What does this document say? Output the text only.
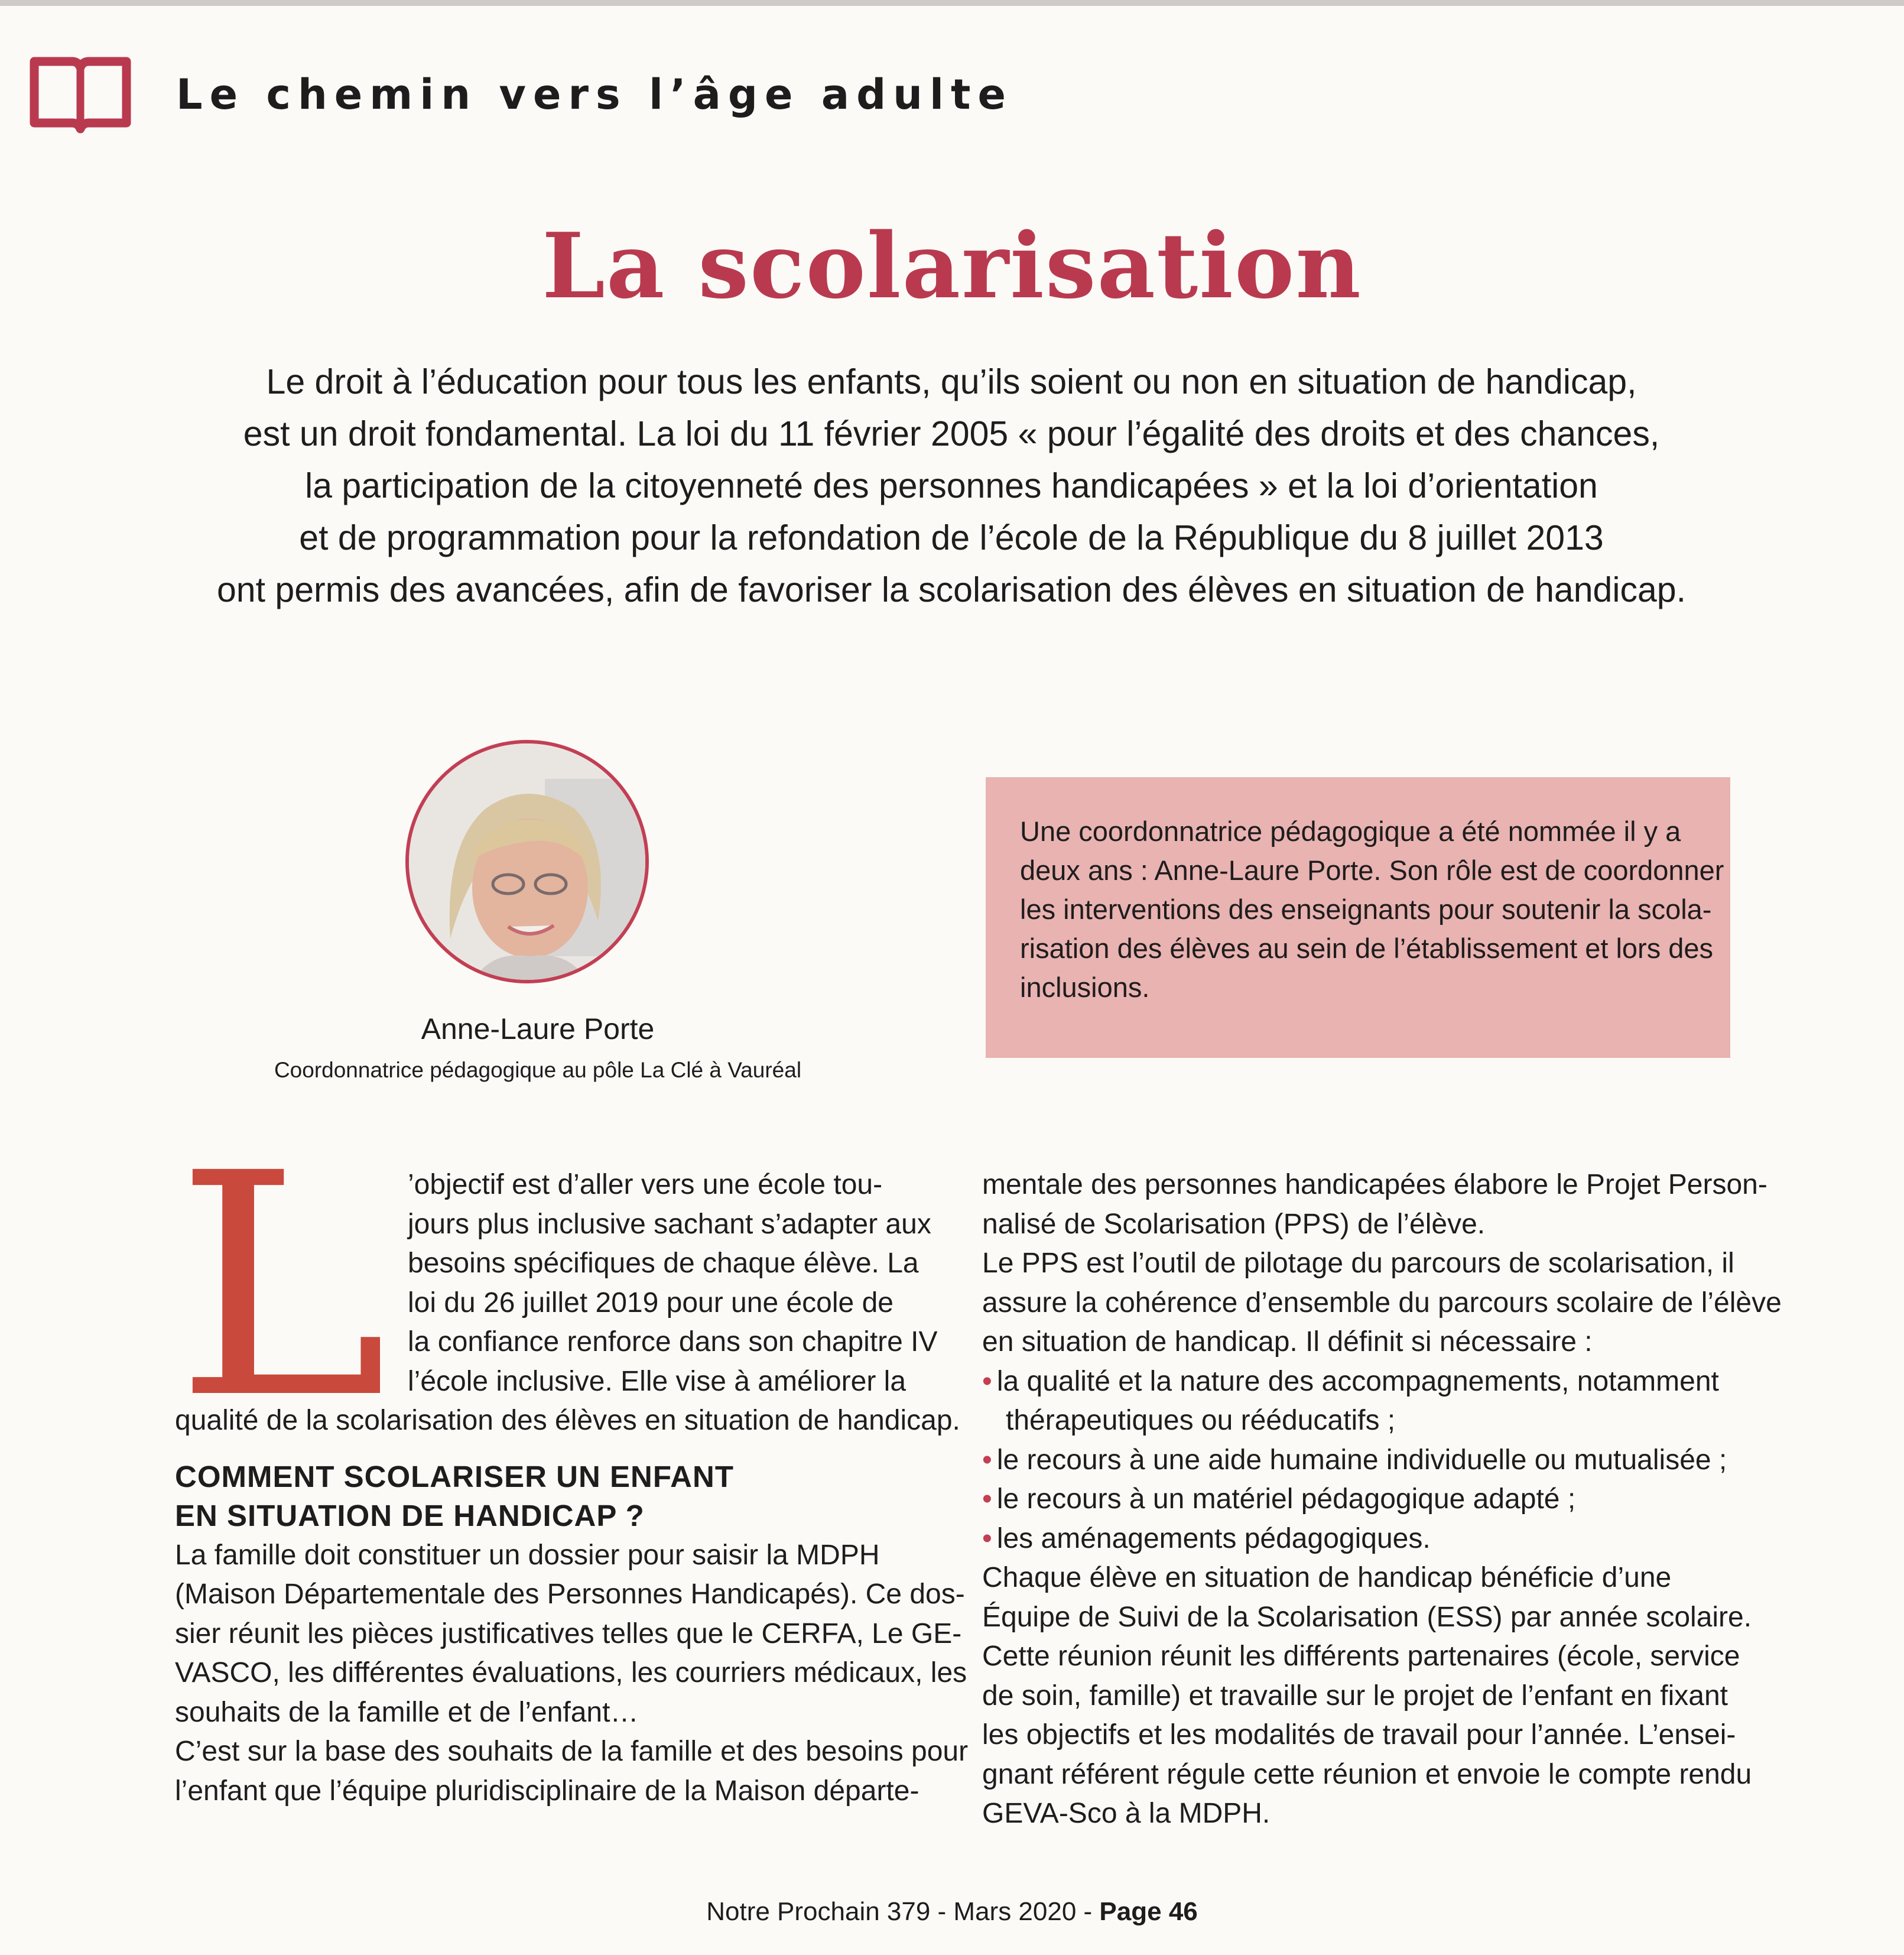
Le chemin vers l’âge adulte
La scolarisation
Le droit à l’éducation pour tous les enfants, qu’ils soient ou non en situation de handicap,
est un droit fondamental. La loi du 11 février 2005 « pour l’égalité des droits et des chances,
la participation de la citoyenneté des personnes handicapées » et la loi d’orientation
et de programmation pour la refondation de l’école de la République du 8 juillet 2013
ont permis des avancées, afin de favoriser la scolarisation des élèves en situation de handicap.
Anne-Laure Porte
Coordonnatrice pédagogique au pôle La Clé à Vauréal
Une coordonnatrice pédagogique a été nommée il y a
deux ans : Anne-Laure Porte. Son rôle est de coordonner
les interventions des enseignants pour soutenir la scola-
risation des élèves au sein de l’établissement et lors des
inclusions.
L ’objectif est d’aller vers une école tou-
jours plus inclusive sachant s’adapter aux
besoins spécifiques de chaque élève. La
loi du 26 juillet 2019 pour une école de
la confiance renforce dans son chapitre IV
l’école inclusive. Elle vise à améliorer la
qualité de la scolarisation des élèves en situation de handicap.
COMMENT SCOLARISER UN ENFANT
EN SITUATION DE HANDICAP ?
La famille doit constituer un dossier pour saisir la MDPH
(Maison Départementale des Personnes Handicapés). Ce dos-
sier réunit les pièces justificatives telles que le CERFA, Le GE-
VASCO, les différentes évaluations, les courriers médicaux, les
souhaits de la famille et de l’enfant…
C’est sur la base des souhaits de la famille et des besoins pour
l’enfant que l’équipe pluridisciplinaire de la Maison départe-
mentale des personnes handicapées élabore le Projet Person-
nalisé de Scolarisation (PPS) de l’élève.
Le PPS est l’outil de pilotage du parcours de scolarisation, il
assure la cohérence d’ensemble du parcours scolaire de l’élève
en situation de handicap. Il définit si nécessaire :
• la qualité et la nature des accompagnements, notamment
thérapeutiques ou rééducatifs ;
• le recours à une aide humaine individuelle ou mutualisée ;
• le recours à un matériel pédagogique adapté ;
• les aménagements pédagogiques.
Chaque élève en situation de handicap bénéficie d’une
Équipe de Suivi de la Scolarisation (ESS) par année scolaire.
Cette réunion réunit les différents partenaires (école, service
de soin, famille) et travaille sur le projet de l’enfant en fixant
les objectifs et les modalités de travail pour l’année. L’ensei-
gnant référent régule cette réunion et envoie le compte rendu
GEVA-Sco à la MDPH.
Notre Prochain 379 - Mars 2020 - Page 46
